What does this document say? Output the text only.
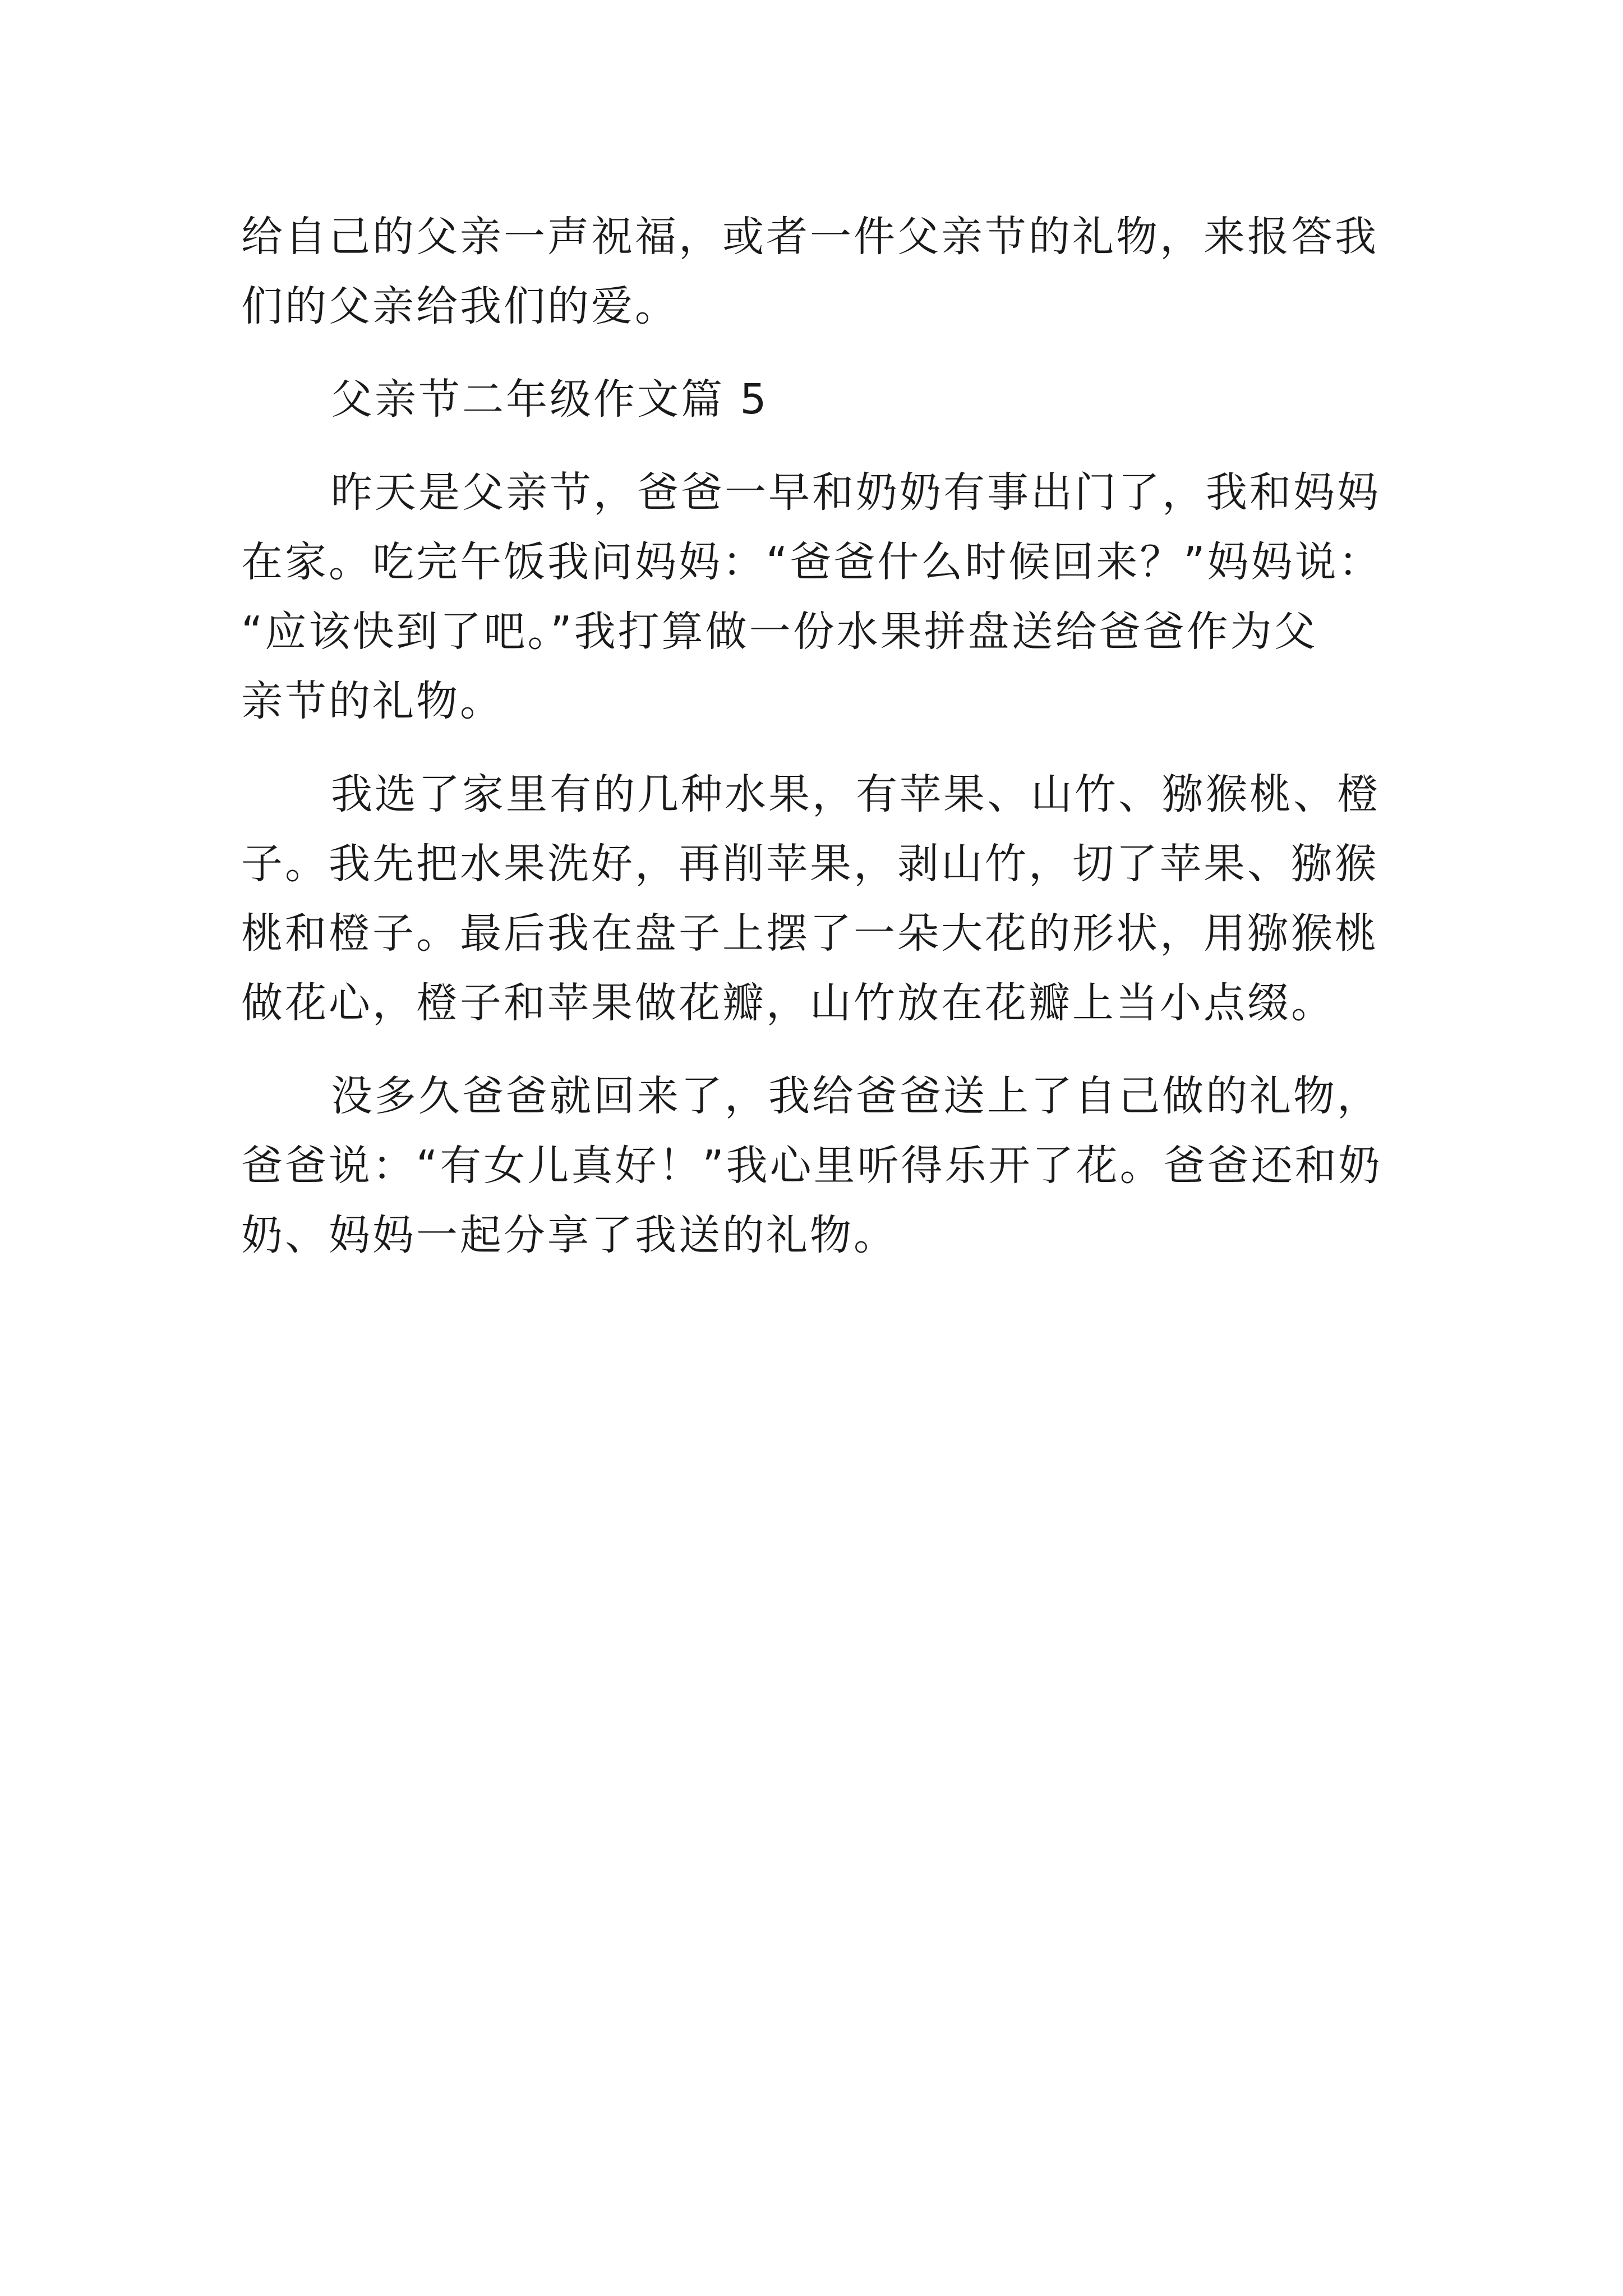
给自己的父亲一声祝福，或者一件父亲节的礼物，来报答我
们的父亲给我们的爱。
父亲节二年级作文篇 5
昨天是父亲节，爸爸一早和奶奶有事出门了，我和妈妈
在家。吃完午饭我问妈妈：“爸爸什么时候回来？”妈妈说：
“应该快到了吧。”我打算做一份水果拼盘送给爸爸作为父
亲节的礼物。
我选了家里有的几种水果，有苹果、山竹、猕猴桃、橙
子。我先把水果洗好，再削苹果，剥山竹，切了苹果、猕猴
桃和橙子。最后我在盘子上摆了一朵大花的形状，用猕猴桃
做花心，橙子和苹果做花瓣，山竹放在花瓣上当小点缀。
没多久爸爸就回来了，我给爸爸送上了自己做的礼物，
爸爸说：“有女儿真好！”我心里听得乐开了花。爸爸还和奶
奶、妈妈一起分享了我送的礼物。
